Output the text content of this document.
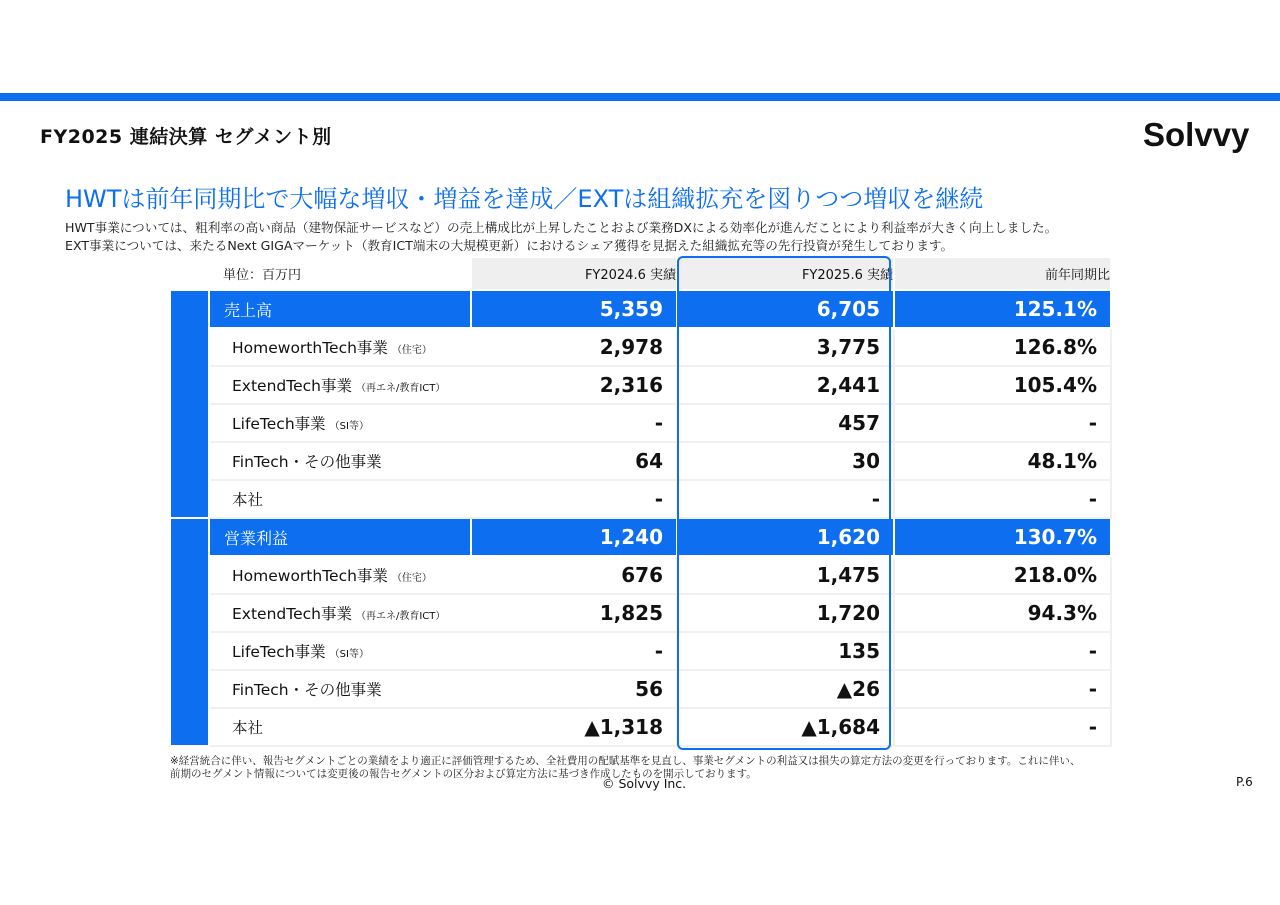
FY2025 連結決算 セグメント別	Solvvy
HWTは前年同期比で大幅な増収・増益を達成／EXTは組織拡充を図りつつ増収を継続
HWT事業については、粗利率の高い商品（建物保証サービスなど）の売上構成比が上昇したことおよび業務DXによる効率化が進んだことにより利益率が大きく向上しました。
EXT事業については、来たるNext GIGAマーケット（教育ICT端末の大規模更新）におけるシェア獲得を見据えた組織拡充等の先行投資が発生しております。
単位：百万円		FY2024.6 実績	FY2025.6 実績	前年同期比
	売上高	5,359	6,705	125.1%
	HomeworthTech事業 （住宅）	2,978	3,775	126.8%
	ExtendTech事業 （再エネ/教育ICT）	2,316	2,441	105.4%
	LifeTech事業 （SI等）	-	457	-
	FinTech・その他事業	64	30	48.1%
	本社	-	-	-
	営業利益	1,240	1,620	130.7%
	HomeworthTech事業 （住宅）	676	1,475	218.0%
	ExtendTech事業 （再エネ/教育ICT）	1,825	1,720	94.3%
	LifeTech事業 （SI等）	-	135	-
	FinTech・その他事業	56	▲26	-
	本社	▲1,318	▲1,684	-
※経営統合に伴い、報告セグメントごとの業績をより適正に評価管理するため、全社費用の配賦基準を見直し、事業セグメントの利益又は損失の算定方法の変更を行っております。これに伴い、
前期のセグメント情報については変更後の報告セグメントの区分および算定方法に基づき作成したものを開示しております。
© Solvvy Inc.	P.6
